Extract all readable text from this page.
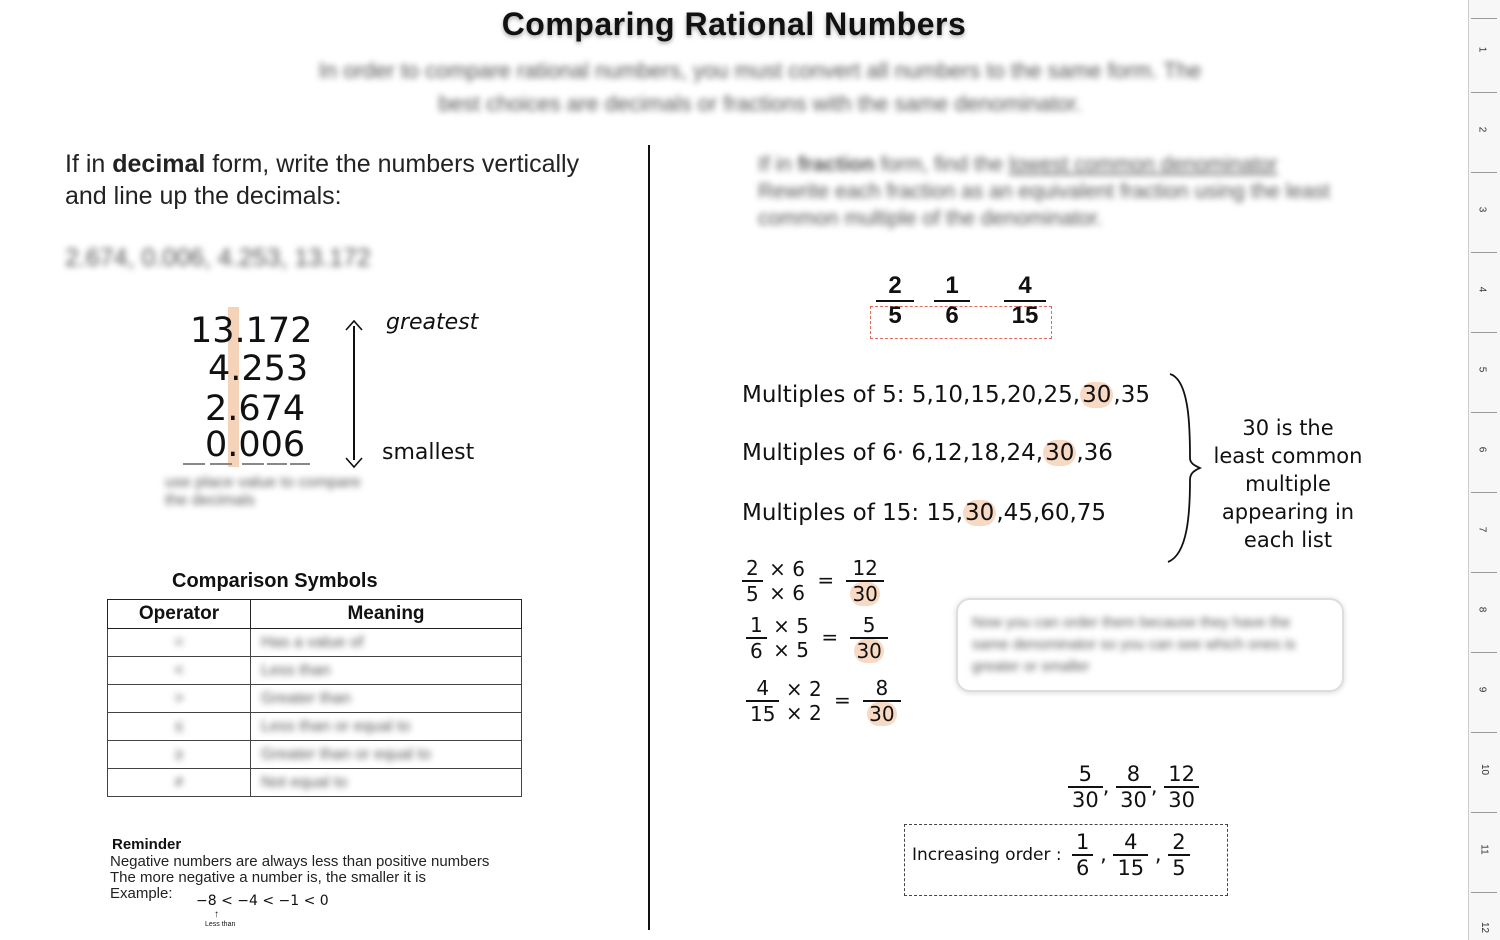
Comparing Rational Numbers
In order to compare rational numbers, you must convert all numbers to the same form. The best choices are decimals or fractions with the same denominator.
If in decimal form, write the numbers vertically and line up the decimals:
2.674, 0.006, 4.253, 13.172
13.172
4.253
2.674
0.006
greatest
smallest
use place value to compare the decimals
Comparison Symbols
Operator	Meaning
=	Has a value of
<	Less than
>	Greater than
≤	Less than or equal to
≥	Greater than or equal to
≠	Not equal to
Reminder
Negative numbers are always less than positive numbers
The more negative a number is, the smaller it is
Example:	−8 < −4 < −1 < 0
↑
Less than
If in fraction form, find the lowest common denominator
Rewrite each fraction as an equivalent fraction using the least
common multiple of the denominator.
$\frac{2}{5} \frac{1}{6} \frac{4}{15}$
Multiples of 5: 5,10,15,20,25,30,35
Multiples of 6· 6,12,18,24,30,36
Multiples of 15: 15,30,45,60,75
30 is the
least common
multiple
appearing in
each list
$\frac{2}{5}$
× 6
× 6
= $\frac{12}{30}$
$\frac{1}{6}$
× 5
× 5
= $\frac{5}{30}$
$\frac{4}{15}$
× 2
× 2
= $\frac{8}{30}$
Now you can order them because they have the same denominator so you can see which ones is greater or smaller
$\frac{5}{30}$ , $\frac{8}{30}$ , $\frac{12}{30}$
Increasing order : $\frac{1}{6}$ , $\frac{4}{15}$ , $\frac{2}{5}$
1
2
3
4
5
6
7
8
9
10
11
12
